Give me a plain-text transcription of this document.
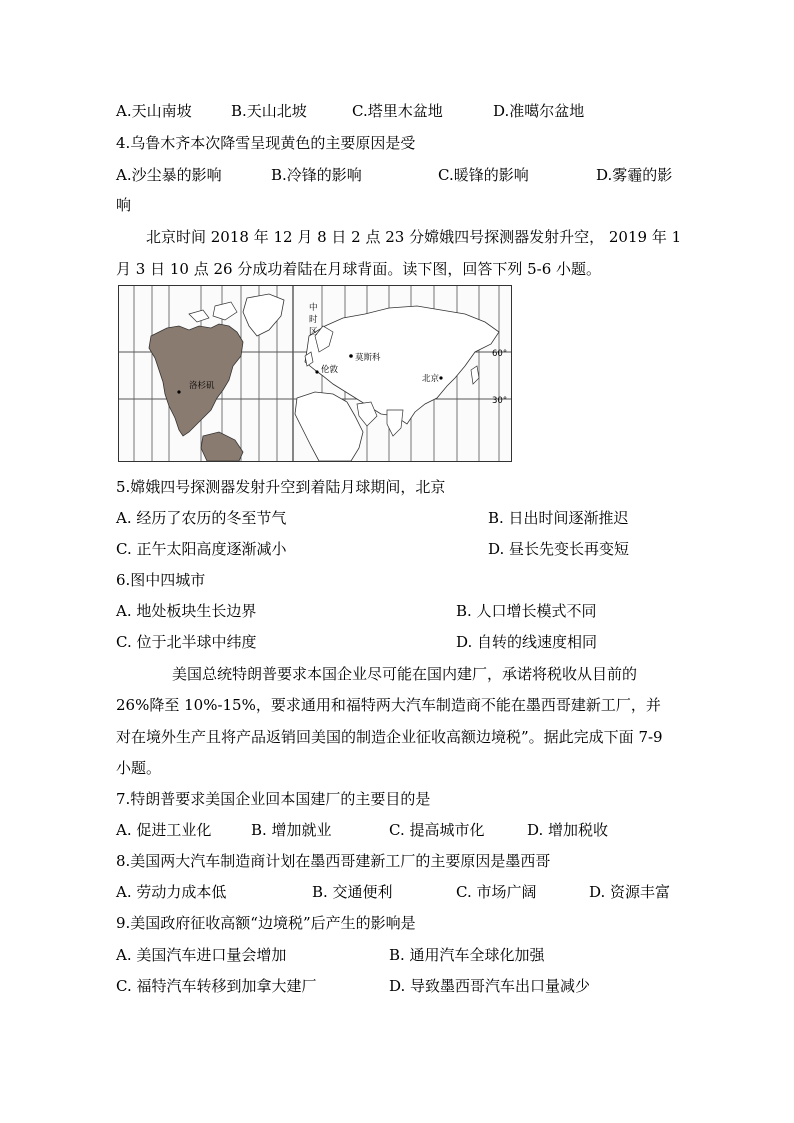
A.天山南坡	B.天山北坡	C.塔里木盆地	D.准噶尔盆地
4.乌鲁木齐本次降雪呈现黄色的主要原因是受
A.沙尘暴的影响	B.冷锋的影响	C.暖锋的影响	D.雾霾的影
响
北京时间 2018 年 12 月 8 日 2 点 23 分嫦娥四号探测器发射升空， 2019 年 1
月 3 日 10 点 26 分成功着陆在月球背面。读下图，回答下列 5-6 小题。
中
时
区
莫斯科
伦敦
北京
洛杉矶
60°
30°
5.嫦娥四号探测器发射升空到着陆月球期间，北京
A. 经历了农历的冬至节气	B. 日出时间逐渐推迟
C. 正午太阳高度逐渐减小	D. 昼长先变长再变短
6.图中四城市
A. 地处板块生长边界	B. 人口增长模式不同
C. 位于北半球中纬度	D. 自转的线速度相同
美国总统特朗普要求本国企业尽可能在国内建厂，承诺将税收从目前的
26%降至 10%-15%，要求通用和福特两大汽车制造商不能在墨西哥建新工厂，并
对在境外生产且将产品返销回美国的制造企业征收高额边境税”。据此完成下面 7-9
小题。
7.特朗普要求美国企业回本国建厂的主要目的是
A. 促进工业化	B. 增加就业	C. 提高城市化	D. 增加税收
8.美国两大汽车制造商计划在墨西哥建新工厂的主要原因是墨西哥
A. 劳动力成本低	B. 交通便利	C. 市场广阔	D. 资源丰富
9.美国政府征收高额“边境税”后产生的影响是
A. 美国汽车进口量会增加	B. 通用汽车全球化加强
C. 福特汽车转移到加拿大建厂	D. 导致墨西哥汽车出口量减少
